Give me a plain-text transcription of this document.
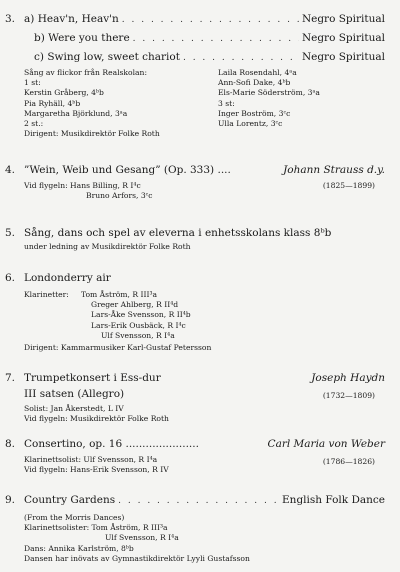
3. a) Heav'n, Heav'n . . .	Negro Spiritual
b) Were you there . . .	Negro Spiritual
c) Swing low, sweet chariot . . .	Negro Spiritual
Sång av flickor från Realskolan:
1 st:
Kerstin Gråberg, 4ᵇb
Pia Ryhäll, 4ᵇb
Margaretha Björklund, 3ᵃa
2 st.:
Dirigent: Musikdirektör Folke Roth
Laila Rosendahl, 4ᵃa
Ann-Sofi Dake, 4ᵇb
Els-Marie Söderström, 3ᵃa
3 st:
Inger Boström, 3ᶜc
Ulla Lorentz, 3ᶜc
4. ”Wein, Weib und Gesang” (Op. 333) ....	Johann Strauss d.y.
Vid flygeln: Hans Billing, R I⁴c
Bruno Arfors, 3ᶜc
(1825—1899)
5. Sång, dans och spel av eleverna i enhetsskolans klass 8ᵇb
under ledning av Musikdirektör Folke Roth
6. Londonderry air
Klarinetter: Tom Åström, R III³a
Greger Ahlberg, R II⁴d
Lars-Åke Svensson, R II⁴b
Lars-Erik Ousbäck, R I⁴c
Ulf Svensson, R I⁴a
Dirigent: Kammarmusiker Karl-Gustaf Petersson
7. Trumpetkonsert i Ess-dur	Joseph Haydn
III satsen (Allegro)	(1732—1809)
Solist: Jan Åkerstedt, L IV
Vid flygeln: Musikdirektör Folke Roth
8. Consertino, op. 16 ......................	Carl Maria von Weber
Klarinettsolist: Ulf Svensson, R I⁴a
Vid flygeln: Hans-Erik Svensson, R IV
(1786—1826)
9. Country Gardens . . .	English Folk Dance
(From the Morris Dances)
Klarinettsolister: Tom Åström, R III³a
Ulf Svensson, R I⁴a
Dans: Annika Karlström, 8ᵇb
Dansen har inövats av Gymnastikdirektör Lyyli Gustafsson
